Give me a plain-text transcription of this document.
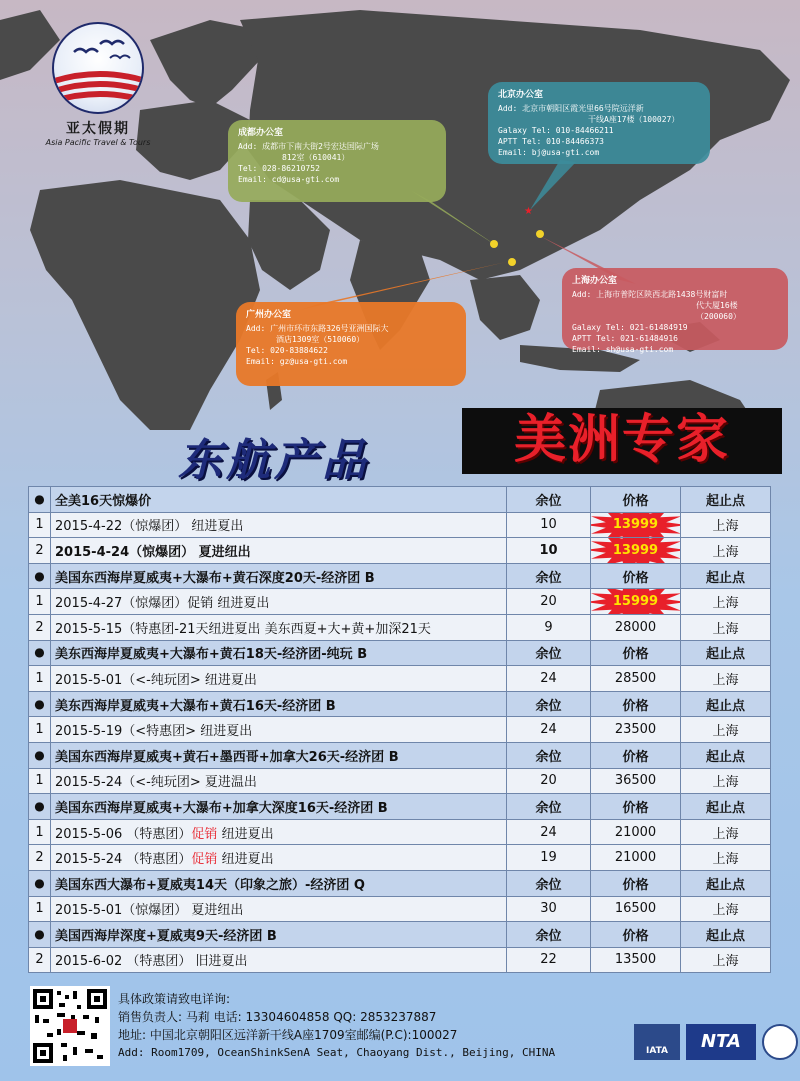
★
亚太假期
Asia Pacific Travel & Tours
成都办公室
Add: 成都市下南大街2号宏达国际广场
812室（610041）
Tel: 028-86210752
Email: cd@usa-gti.com
北京办公室
Add: 北京市朝阳区霞光里66号院远洋新
干线A座17楼（100027）
Galaxy Tel: 010-84466211
APTT Tel: 010-84466373
Email: bj@usa-gti.com
上海办公室
Add: 上海市普陀区陕西北路1438号财富时
代大厦16楼（200060）
Galaxy Tel: 021-61484919
APTT Tel: 021-61484916
Email: sh@usa-gti.com
广州办公室
Add: 广州市环市东路326号亚洲国际大
酒店1309室（510060）
Tel: 020-83884622
Email: gz@usa-gti.com
东航产品	美洲专家
●	全美16天惊爆价	余位	价格	起止点
1	2015-4-22（惊爆团） 纽进夏出	10	13999	上海
2	2015-4-24（惊爆团） 夏进纽出	10	13999	上海
●	美国东西海岸夏威夷+大瀑布+黄石深度20天-经济团 B	余位	价格	起止点
1	2015-4-27（惊爆团）促销 纽进夏出	20	15999	上海
2	2015-5-15（特惠团-21天纽进夏出 美东西夏+大+黄+加深21天	9	28000	上海
●	美东西海岸夏威夷+大瀑布+黄石18天-经济团-纯玩 B	余位	价格	起止点
1	2015-5-01（<-纯玩团> 纽进夏出	24	28500	上海
●	美东西海岸夏威夷+大瀑布+黄石16天-经济团 B	余位	价格	起止点
1	2015-5-19（<特惠团> 纽进夏出	24	23500	上海
●	美国东西海岸夏威夷+黄石+墨西哥+加拿大26天-经济团 B	余位	价格	起止点
1	2015-5-24（<-纯玩团> 夏进温出	20	36500	上海
●	美国东西海岸夏威夷+大瀑布+加拿大深度16天-经济团 B	余位	价格	起止点
1	2015-5-06 （特惠团）促销 纽进夏出	24	21000	上海
2	2015-5-24 （特惠团）促销 纽进夏出	19	21000	上海
●	美国东西大瀑布+夏威夷14天（印象之旅）-经济团 Q	余位	价格	起止点
1	2015-5-01（惊爆团） 夏进纽出	30	16500	上海
●	美国西海岸深度+夏威夷9天-经济团 B	余位	价格	起止点
2	2015-6-02 （特惠团） 旧进夏出	22	13500	上海
具体政策请致电详询:
销售负责人: 马莉 电话: 13304604858 QQ: 2853237887
地址: 中国北京朝阳区远洋新干线A座1709室邮编(P.C):100027
Add: Room1709, OceanShinkSenA Seat, Chaoyang Dist., Beijing, CHINA	IATA	NTA
